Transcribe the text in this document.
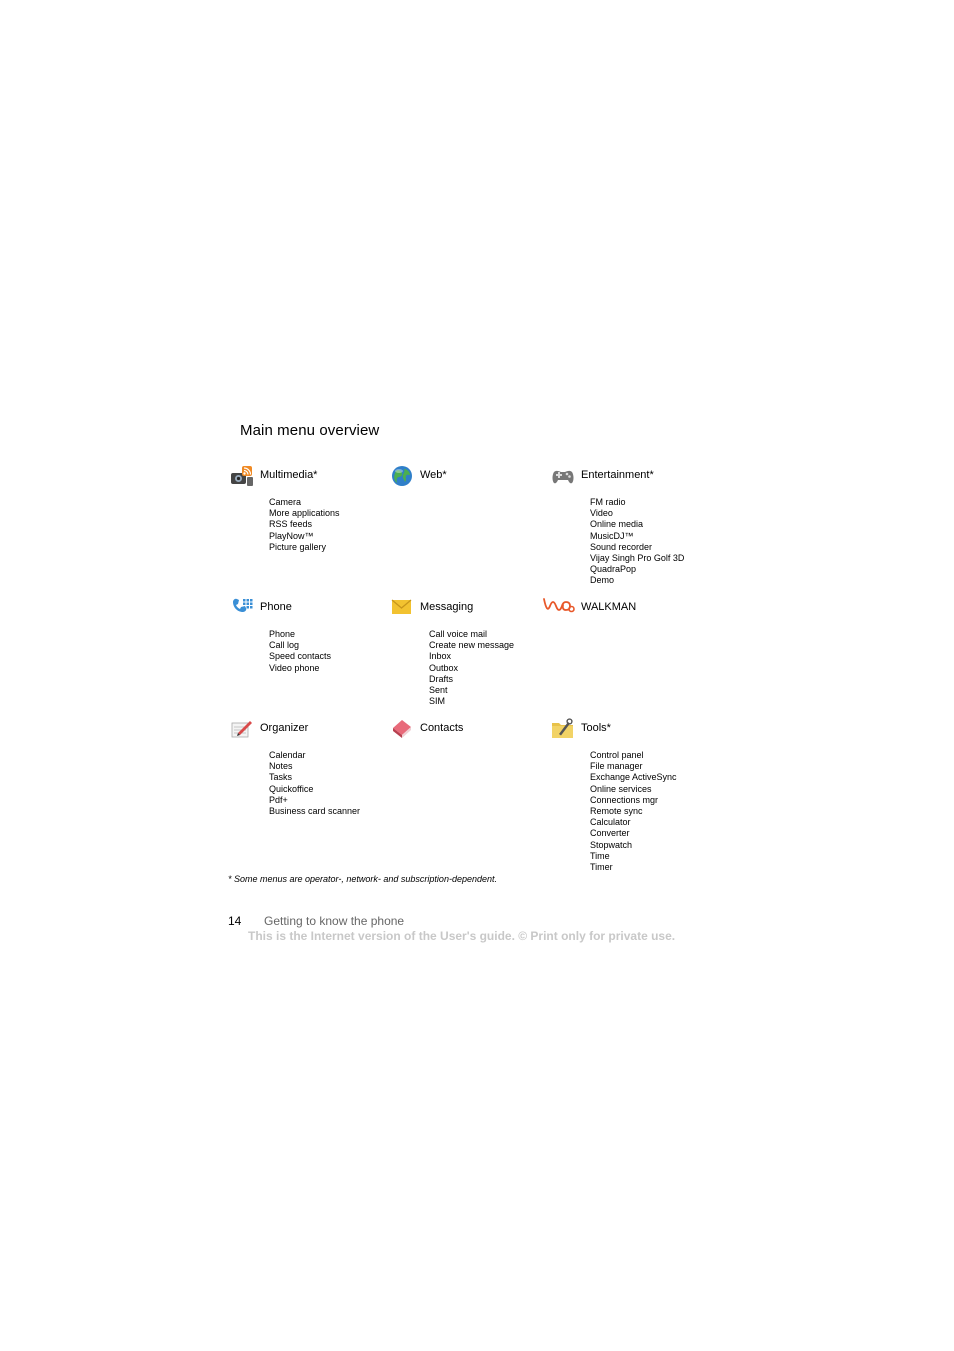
Main menu overview
Multimedia*
Camera
More applications
RSS feeds
PlayNow™
Picture gallery
Web*	Entertainment*
FM radio
Video
Online media
MusicDJ™
Sound recorder
Vijay Singh Pro Golf 3D
QuadraPop
Demo
Phone
Phone
Call log
Speed contacts
Video phone
Messaging
Call voice mail
Create new message
Inbox
Outbox
Drafts
Sent
SIM
WALKMAN
Organizer
Calendar
Notes
Tasks
Quickoffice
Pdf+
Business card scanner
Contacts	Tools*
Control panel
File manager
Exchange ActiveSync
Online services
Connections mgr
Remote sync
Calculator
Converter
Stopwatch
Time
Timer
* Some menus are operator-, network- and subscription-dependent.
14 Getting to know the phone
This is the Internet version of the User's guide. © Print only for private use.
